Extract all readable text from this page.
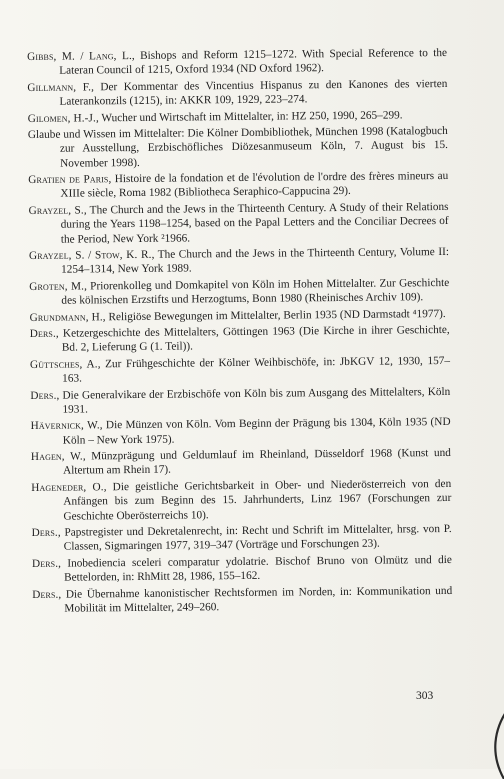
Gibbs, M. / Lang, L., Bishops and Reform 1215–1272. With Special Reference to the Lateran Council of 1215, Oxford 1934 (ND Oxford 1962).
Gillmann, F., Der Kommentar des Vincentius Hispanus zu den Kanones des vierten Laterankonzils (1215), in: AKKR 109, 1929, 223–274.
Gilomen, H.-J., Wucher und Wirtschaft im Mittelalter, in: HZ 250, 1990, 265–299.
Glaube und Wissen im Mittelalter: Die Kölner Dombibliothek, München 1998 (Katalogbuch zur Ausstellung, Erzbischöfliches Diözesanmuseum Köln, 7. August bis 15. November 1998).
Gratien de Paris, Histoire de la fondation et de l'évolution de l'ordre des frères mineurs au XIIIe siècle, Roma 1982 (Bibliotheca Seraphico-Cappucina 29).
Grayzel, S., The Church and the Jews in the Thirteenth Century. A Study of their Relations during the Years 1198–1254, based on the Papal Letters and the Conciliar Decrees of the Period, New York ²1966.
Grayzel, S. / Stow, K. R., The Church and the Jews in the Thirteenth Century, Volume II: 1254–1314, New York 1989.
Groten, M., Priorenkolleg und Domkapitel von Köln im Hohen Mittelalter. Zur Geschichte des kölnischen Erzstifts und Herzogtums, Bonn 1980 (Rheinisches Archiv 109).
Grundmann, H., Religiöse Bewegungen im Mittelalter, Berlin 1935 (ND Darmstadt ⁴1977).
Ders., Ketzergeschichte des Mittelalters, Göttingen 1963 (Die Kirche in ihrer Geschichte, Bd. 2, Lieferung G (1. Teil)).
Güttsches, A., Zur Frühgeschichte der Kölner Weihbischöfe, in: JbKGV 12, 1930, 157–163.
Ders., Die Generalvikare der Erzbischöfe von Köln bis zum Ausgang des Mittelalters, Köln 1931.
Hävernick, W., Die Münzen von Köln. Vom Beginn der Prägung bis 1304, Köln 1935 (ND Köln – New York 1975).
Hagen, W., Münzprägung und Geldumlauf im Rheinland, Düsseldorf 1968 (Kunst und Altertum am Rhein 17).
Hageneder, O., Die geistliche Gerichtsbarkeit in Ober- und Niederösterreich von den Anfängen bis zum Beginn des 15. Jahrhunderts, Linz 1967 (Forschungen zur Geschichte Oberösterreichs 10).
Ders., Papstregister und Dekretalenrecht, in: Recht und Schrift im Mittelalter, hrsg. von P. Classen, Sigmaringen 1977, 319–347 (Vorträge und Forschungen 23).
Ders., Inobediencia sceleri comparatur ydolatrie. Bischof Bruno von Olmütz und die Bettelorden, in: RhMitt 28, 1986, 155–162.
Ders., Die Übernahme kanonistischer Rechtsformen im Norden, in: Kommunikation und Mobilität im Mittelalter, 249–260.
303
